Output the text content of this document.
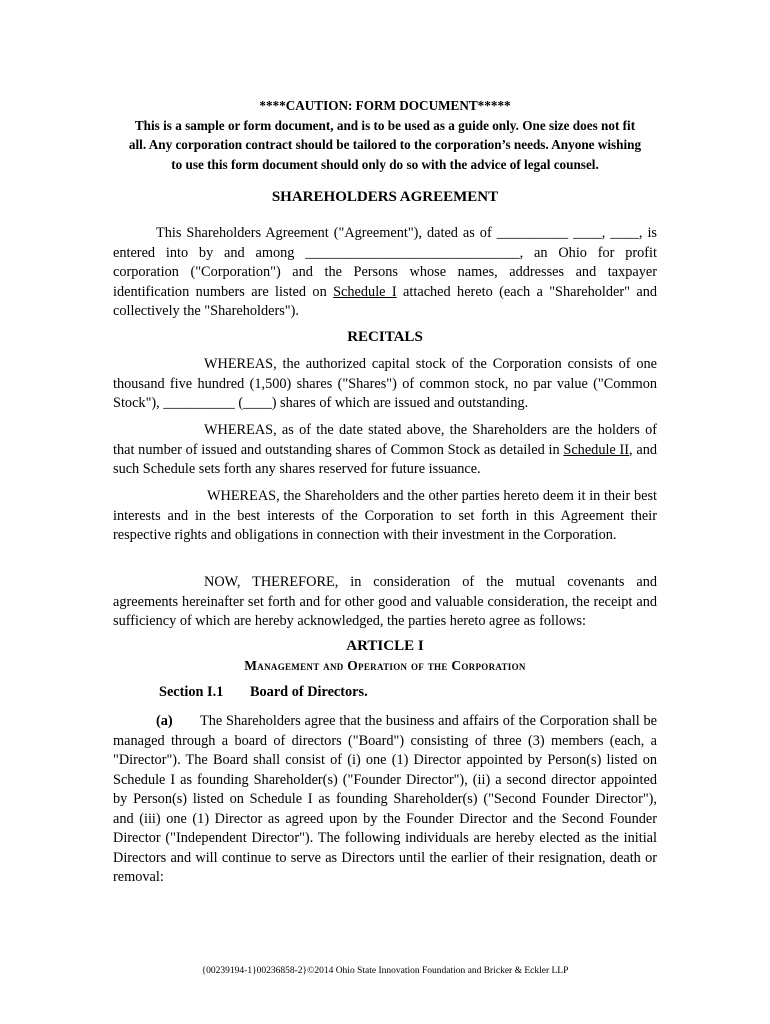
****CAUTION: FORM DOCUMENT*****
This is a sample or form document, and is to be used as a guide only. One size does not fit
all. Any corporation contract should be tailored to the corporation’s needs. Anyone wishing
to use this form document should only do so with the advice of legal counsel.
SHAREHOLDERS AGREEMENT

This Shareholders Agreement ("Agreement"), dated as of __________ ____, ____, is entered into by and among ______________________________, an Ohio for profit corporation ("Corporation") and the Persons whose names, addresses and taxpayer identification numbers are listed on Schedule I attached hereto (each a "Shareholder" and collectively the "Shareholders").

RECITALS

WHEREAS, the authorized capital stock of the Corporation consists of one thousand five hundred (1,500) shares ("Shares") of common stock, no par value ("Common Stock"), __________ (____) shares of which are issued and outstanding.

WHEREAS, as of the date stated above, the Shareholders are the holders of that number of issued and outstanding shares of Common Stock as detailed in Schedule II, and such Schedule sets forth any shares reserved for future issuance.

WHEREAS, the Shareholders and the other parties hereto deem it in their best interests and in the best interests of the Corporation to set forth in this Agreement their respective rights and obligations in connection with their investment in the Corporation.

NOW, THEREFORE, in consideration of the mutual covenants and agreements hereinafter set forth and for other good and valuable consideration, the receipt and sufficiency of which are hereby acknowledged, the parties hereto agree as follows:

ARTICLE I
Management and Operation of the Corporation
Section I.1 Board of Directors.

(a) The Shareholders agree that the business and affairs of the Corporation shall be managed through a board of directors ("Board") consisting of three (3) members (each, a "Director"). The Board shall consist of (i) one (1) Director appointed by Person(s) listed on Schedule I as founding Shareholder(s) ("Founder Director"), (ii) a second director appointed by Person(s) listed on Schedule I as founding Shareholder(s) ("Second Founder Director"), and (iii) one (1) Director as agreed upon by the Founder Director and the Second Founder Director ("Independent Director"). The following individuals are hereby elected as the initial Directors and will continue to serve as Directors until the earlier of their resignation, death or removal:

{00239194-1}00236858-2}©2014 Ohio State Innovation Foundation and Bricker & Eckler LLP
